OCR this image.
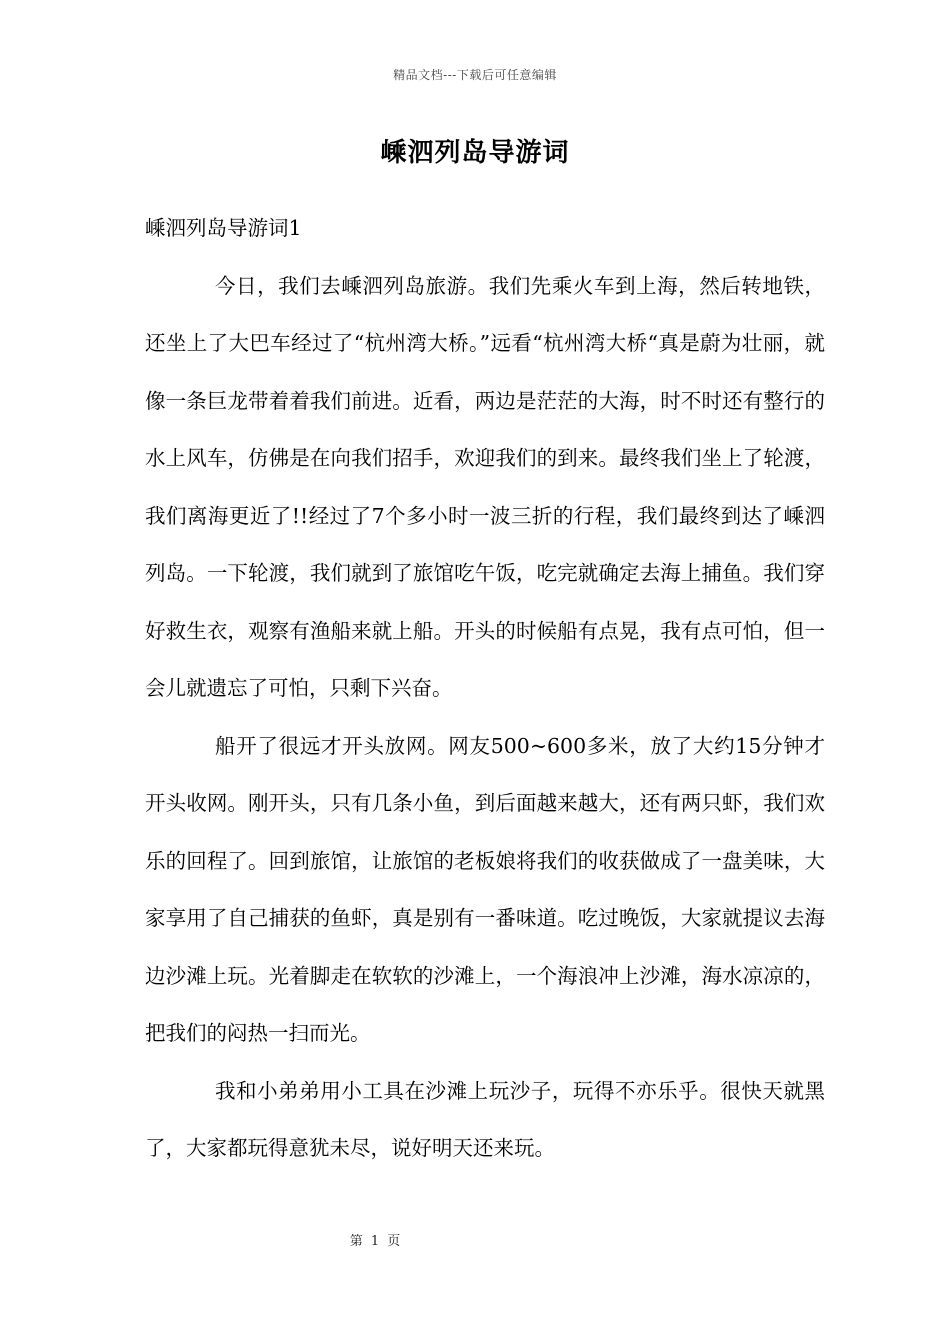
精品文档---下载后可任意编辑
嵊泗列岛导游词

嵊泗列岛导游词1

今日，我们去嵊泗列岛旅游。我们先乘火车到上海，然后转地铁，还坐上了大巴车经过了“杭州湾大桥。”远看“杭州湾大桥“真是蔚为壮丽，就像一条巨龙带着着我们前进。近看，两边是茫茫的大海，时不时还有整行的水上风车，仿佛是在向我们招手，欢迎我们的到来。最终我们坐上了轮渡，我们离海更近了!!经过了7个多小时一波三折的行程，我们最终到达了嵊泗列岛。一下轮渡，我们就到了旅馆吃午饭，吃完就确定去海上捕鱼。我们穿好救生衣，观察有渔船来就上船。开头的时候船有点晃，我有点可怕，但一会儿就遗忘了可怕，只剩下兴奋。

船开了很远才开头放网。网友500~600多米，放了大约15分钟才开头收网。刚开头，只有几条小鱼，到后面越来越大，还有两只虾，我们欢乐的回程了。回到旅馆，让旅馆的老板娘将我们的收获做成了一盘美味，大家享用了自己捕获的鱼虾，真是别有一番味道。吃过晚饭，大家就提议去海边沙滩上玩。光着脚走在软软的沙滩上，一个海浪冲上沙滩，海水凉凉的，把我们的闷热一扫而光。

我和小弟弟用小工具在沙滩上玩沙子，玩得不亦乐乎。很快天就黑了，大家都玩得意犹未尽，说好明天还来玩。

第 1 页
